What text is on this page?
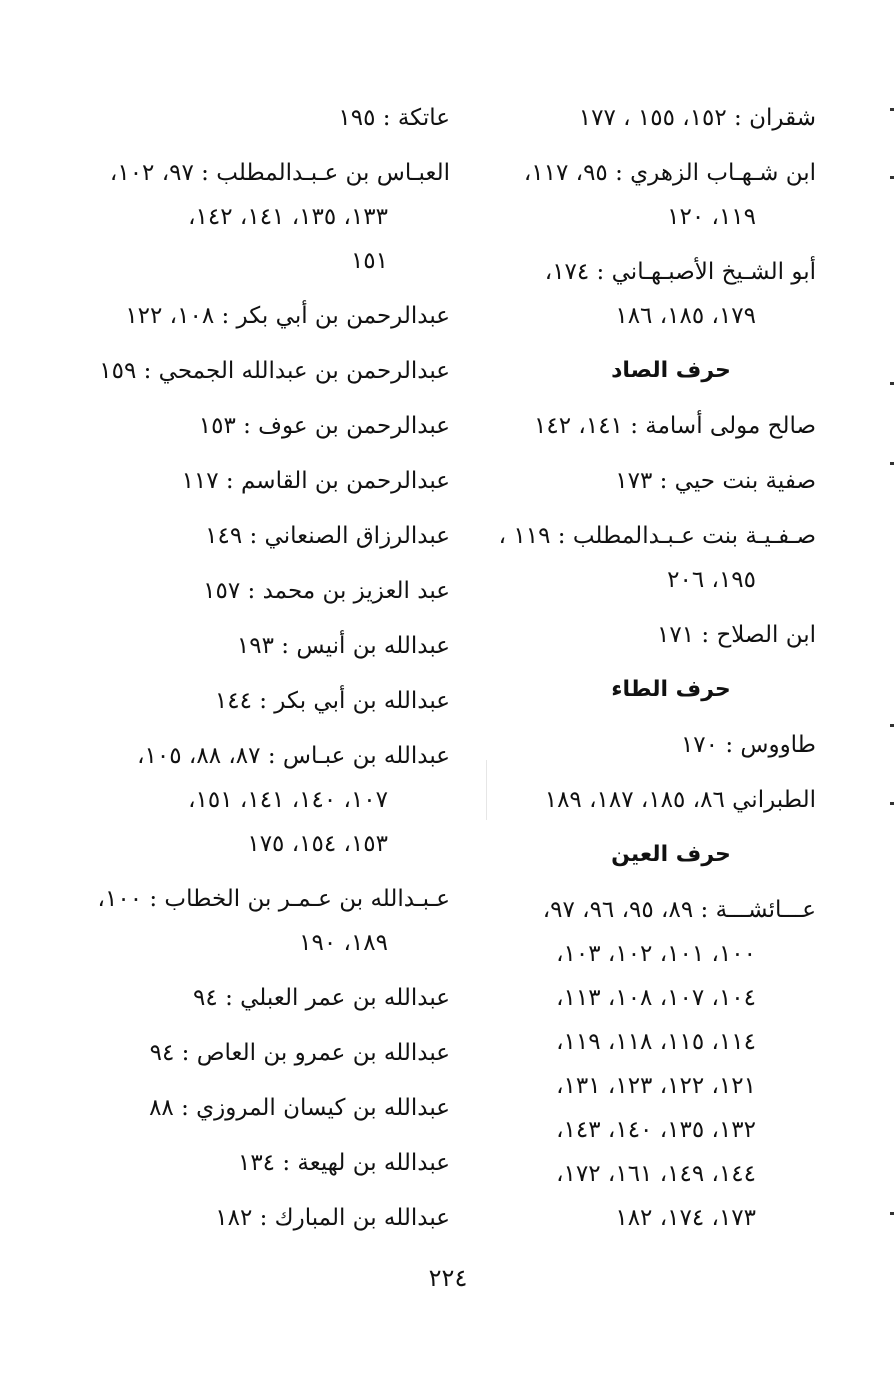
شقران : ١٥٢، ١٥٥ ، ١٧٧
ابن شـهـاب الزهري : ٩٥، ١١٧،
١١٩، ١٢٠
أبو الشـيخ الأصبـهـاني : ١٧٤،
١٧٩، ١٨٥، ١٨٦
حرف الصاد
صالح مولى أسامة : ١٤١، ١٤٢
صفية بنت حيي : ١٧٣
صـفـيـة بنت عـبـدالمطلب : ١١٩ ،
١٩٥، ٢٠٦
ابن الصلاح : ١٧١
حرف الطاء
طاووس : ١٧٠
الطبراني ٨٦، ١٨٥، ١٨٧، ١٨٩
حرف العين
عـــائشـــة : ٨٩، ٩٥، ٩٦، ٩٧،
١٠٠، ١٠١، ١٠٢، ١٠٣،
١٠٤، ١٠٧، ١٠٨، ١١٣،
١١٤، ١١٥، ١١٨، ١١٩،
١٢١، ١٢٢، ١٢٣، ١٣١،
١٣٢، ١٣٥، ١٤٠، ١٤٣،
١٤٤، ١٤٩، ١٦١، ١٧٢،
١٧٣، ١٧٤، ١٨٢
عاتكة : ١٩٥
العبـاس بن عـبـدالمطلب : ٩٧، ١٠٢،
١٣٣، ١٣٥، ١٤١، ١٤٢،
١٥١
عبدالرحمن بن أبي بكر : ١٠٨، ١٢٢
عبدالرحمن بن عبدالله الجمحي : ١٥٩
عبدالرحمن بن عوف : ١٥٣
عبدالرحمن بن القاسم : ١١٧
عبدالرزاق الصنعاني : ١٤٩
عبد العزيز بن محمد : ١٥٧
عبدالله بن أنيس : ١٩٣
عبدالله بن أبي بكر : ١٤٤
عبدالله بن عبـاس : ٨٧، ٨٨، ١٠٥،
١٠٧، ١٤٠، ١٤١، ١٥١،
١٥٣، ١٥٤، ١٧٥
عـبـدالله بن عـمـر بن الخطاب : ١٠٠،
١٨٩، ١٩٠
عبدالله بن عمر العبلي : ٩٤
عبدالله بن عمرو بن العاص : ٩٤
عبدالله بن كيسان المروزي : ٨٨
عبدالله بن لهيعة : ١٣٤
عبدالله بن المبارك : ١٨٢
٢٢٤
